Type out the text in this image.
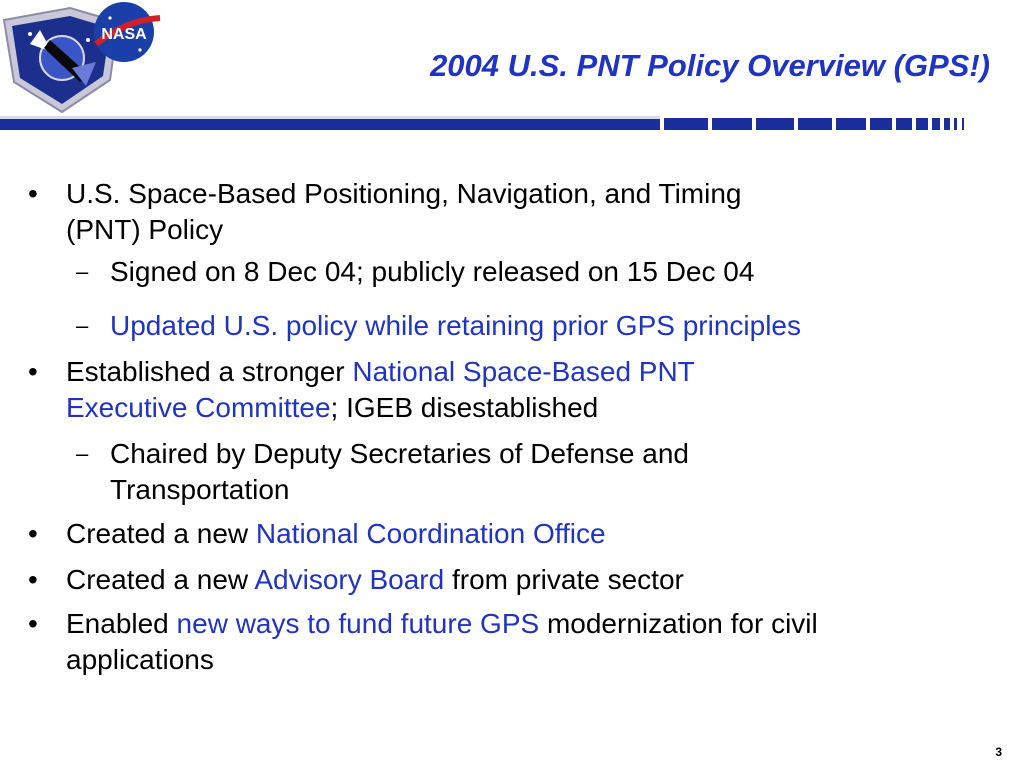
NASA
2004 U.S. PNT Policy Overview (GPS!)
• U.S. Space-Based Positioning, Navigation, and Timing
(PNT) Policy
– Signed on 8 Dec 04; publicly released on 15 Dec 04
– Updated U.S. policy while retaining prior GPS principles
• Established a stronger National Space-Based PNT
Executive Committee; IGEB disestablished
– Chaired by Deputy Secretaries of Defense and
Transportation
• Created a new National Coordination Office
• Created a new Advisory Board from private sector
• Enabled new ways to fund future GPS modernization for civil
applications
3
